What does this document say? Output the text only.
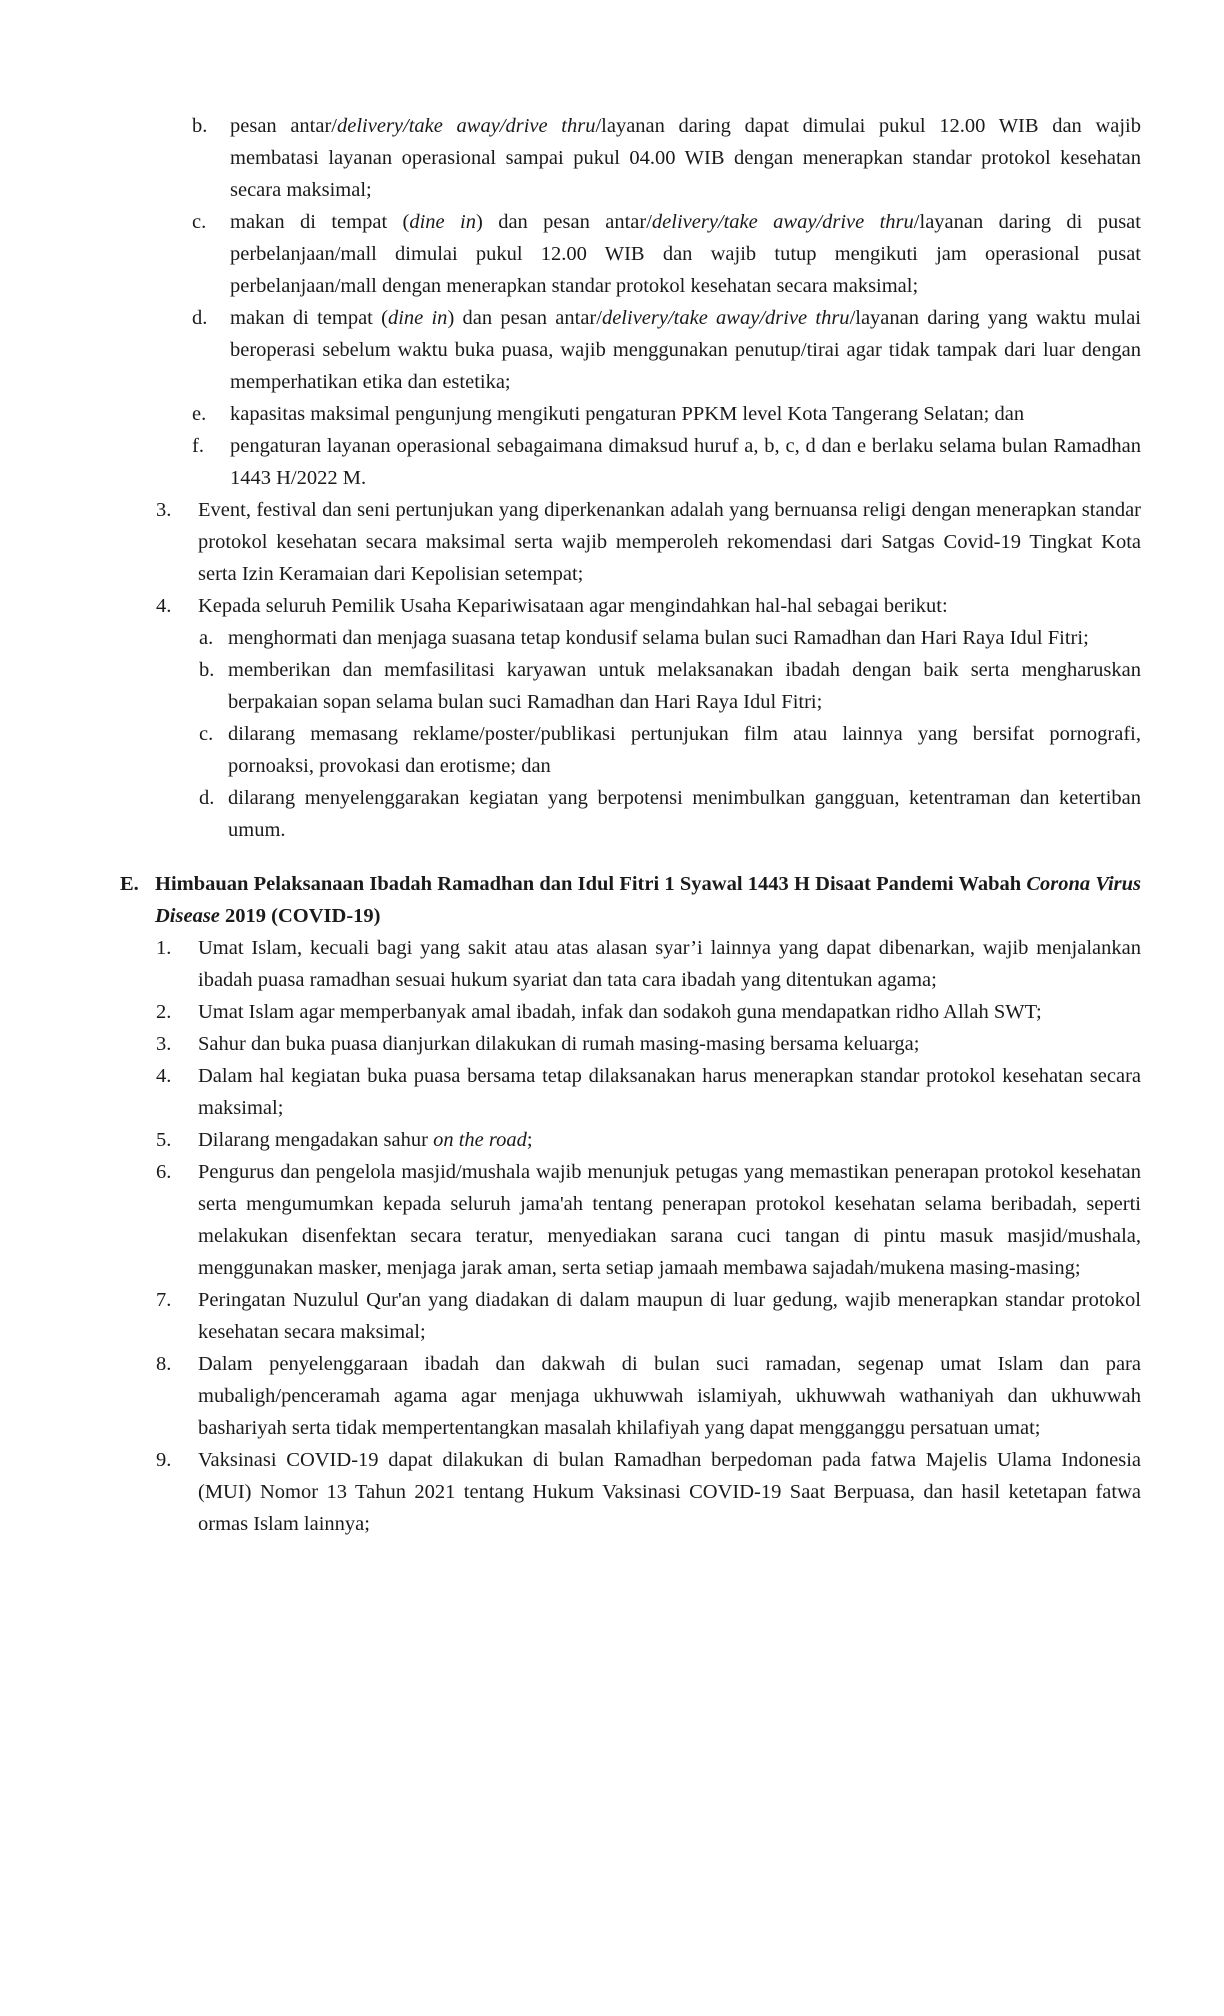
b. pesan antar/delivery/take away/drive thru/layanan daring dapat dimulai pukul 12.00 WIB dan wajib membatasi layanan operasional sampai pukul 04.00 WIB dengan menerapkan standar protokol kesehatan secara maksimal;
c. makan di tempat (dine in) dan pesan antar/delivery/take away/drive thru/layanan daring di pusat perbelanjaan/mall dimulai pukul 12.00 WIB dan wajib tutup mengikuti jam operasional pusat perbelanjaan/mall dengan menerapkan standar protokol kesehatan secara maksimal;
d. makan di tempat (dine in) dan pesan antar/delivery/take away/drive thru/layanan daring yang waktu mulai beroperasi sebelum waktu buka puasa, wajib menggunakan penutup/tirai agar tidak tampak dari luar dengan memperhatikan etika dan estetika;
e. kapasitas maksimal pengunjung mengikuti pengaturan PPKM level Kota Tangerang Selatan; dan
f. pengaturan layanan operasional sebagaimana dimaksud huruf a, b, c, d dan e berlaku selama bulan Ramadhan 1443 H/2022 M.
3. Event, festival dan seni pertunjukan yang diperkenankan adalah yang bernuansa religi dengan menerapkan standar protokol kesehatan secara maksimal serta wajib memperoleh rekomendasi dari Satgas Covid-19 Tingkat Kota serta Izin Keramaian dari Kepolisian setempat;
4. Kepada seluruh Pemilik Usaha Kepariwisataan agar mengindahkan hal-hal sebagai berikut:
a. menghormati dan menjaga suasana tetap kondusif selama bulan suci Ramadhan dan Hari Raya Idul Fitri;
b. memberikan dan memfasilitasi karyawan untuk melaksanakan ibadah dengan baik serta mengharuskan berpakaian sopan selama bulan suci Ramadhan dan Hari Raya Idul Fitri;
c. dilarang memasang reklame/poster/publikasi pertunjukan film atau lainnya yang bersifat pornografi, pornoaksi, provokasi dan erotisme; dan
d. dilarang menyelenggarakan kegiatan yang berpotensi menimbulkan gangguan, ketentraman dan ketertiban umum.
E. Himbauan Pelaksanaan Ibadah Ramadhan dan Idul Fitri 1 Syawal 1443 H Disaat Pandemi Wabah Corona Virus Disease 2019 (COVID-19)
1. Umat Islam, kecuali bagi yang sakit atau atas alasan syar’i lainnya yang dapat dibenarkan, wajib menjalankan ibadah puasa ramadhan sesuai hukum syariat dan tata cara ibadah yang ditentukan agama;
2. Umat Islam agar memperbanyak amal ibadah, infak dan sodakoh guna mendapatkan ridho Allah SWT;
3. Sahur dan buka puasa dianjurkan dilakukan di rumah masing-masing bersama keluarga;
4. Dalam hal kegiatan buka puasa bersama tetap dilaksanakan harus menerapkan standar protokol kesehatan secara maksimal;
5. Dilarang mengadakan sahur on the road;
6. Pengurus dan pengelola masjid/mushala wajib menunjuk petugas yang memastikan penerapan protokol kesehatan serta mengumumkan kepada seluruh jama'ah tentang penerapan protokol kesehatan selama beribadah, seperti melakukan disenfektan secara teratur, menyediakan sarana cuci tangan di pintu masuk masjid/mushala, menggunakan masker, menjaga jarak aman, serta setiap jamaah membawa sajadah/mukena masing-masing;
7. Peringatan Nuzulul Qur'an yang diadakan di dalam maupun di luar gedung, wajib menerapkan standar protokol kesehatan secara maksimal;
8. Dalam penyelenggaraan ibadah dan dakwah di bulan suci ramadan, segenap umat Islam dan para mubaligh/penceramah agama agar menjaga ukhuwwah islamiyah, ukhuwwah wathaniyah dan ukhuwwah bashariyah serta tidak mempertentangkan masalah khilafiyah yang dapat mengganggu persatuan umat;
9. Vaksinasi COVID-19 dapat dilakukan di bulan Ramadhan berpedoman pada fatwa Majelis Ulama Indonesia (MUI) Nomor 13 Tahun 2021 tentang Hukum Vaksinasi COVID-19 Saat Berpuasa, dan hasil ketetapan fatwa ormas Islam lainnya;
